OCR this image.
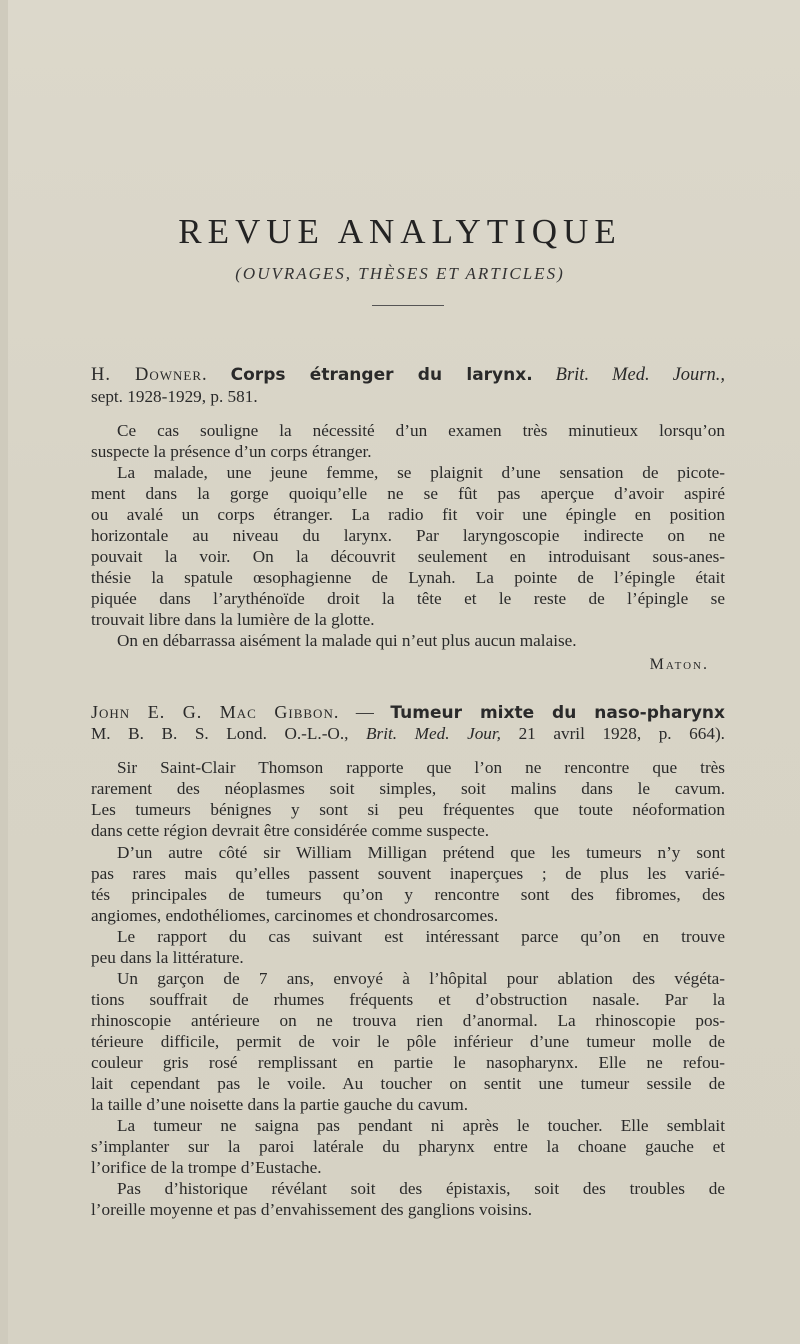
REVUE ANALYTIQUE
(OUVRAGES, THÈSES ET ARTICLES)
H. Downer. Corps étranger du larynx. Brit. Med. Journ.,
sept. 1928-1929, p. 581.
Ce cas souligne la nécessité d’un examen très minutieux lorsqu’on
suspecte la présence d’un corps étranger.
La malade, une jeune femme, se plaignit d’une sensation de picote-
ment dans la gorge quoiqu’elle ne se fût pas aperçue d’avoir aspiré
ou avalé un corps étranger. La radio fit voir une épingle en position
horizontale au niveau du larynx. Par laryngoscopie indirecte on ne
pouvait la voir. On la découvrit seulement en introduisant sous-anes-
thésie la spatule œsophagienne de Lynah. La pointe de l’épingle était
piquée dans l’arythénoïde droit la tête et le reste de l’épingle se
trouvait libre dans la lumière de la glotte.
On en débarrassa aisément la malade qui n’eut plus aucun malaise.
Maton.
John E. G. Mac Gibbon. — Tumeur mixte du naso-pharynx
M. B. B. S. Lond. O.-L.-O., Brit. Med. Jour, 21 avril 1928, p. 664).
Sir Saint-Clair Thomson rapporte que l’on ne rencontre que très
rarement des néoplasmes soit simples, soit malins dans le cavum.
Les tumeurs bénignes y sont si peu fréquentes que toute néoformation
dans cette région devrait être considérée comme suspecte.
D’un autre côté sir William Milligan prétend que les tumeurs n’y sont
pas rares mais qu’elles passent souvent inaperçues ; de plus les varié-
tés principales de tumeurs qu’on y rencontre sont des fibromes, des
angiomes, endothéliomes, carcinomes et chondrosarcomes.
Le rapport du cas suivant est intéressant parce qu’on en trouve
peu dans la littérature.
Un garçon de 7 ans, envoyé à l’hôpital pour ablation des végéta-
tions souffrait de rhumes fréquents et d’obstruction nasale. Par la
rhinoscopie antérieure on ne trouva rien d’anormal. La rhinoscopie pos-
térieure difficile, permit de voir le pôle inférieur d’une tumeur molle de
couleur gris rosé remplissant en partie le nasopharynx. Elle ne refou-
lait cependant pas le voile. Au toucher on sentit une tumeur sessile de
la taille d’une noisette dans la partie gauche du cavum.
La tumeur ne saigna pas pendant ni après le toucher. Elle semblait
s’implanter sur la paroi latérale du pharynx entre la choane gauche et
l’orifice de la trompe d’Eustache.
Pas d’historique révélant soit des épistaxis, soit des troubles de
l’oreille moyenne et pas d’envahissement des ganglions voisins.
